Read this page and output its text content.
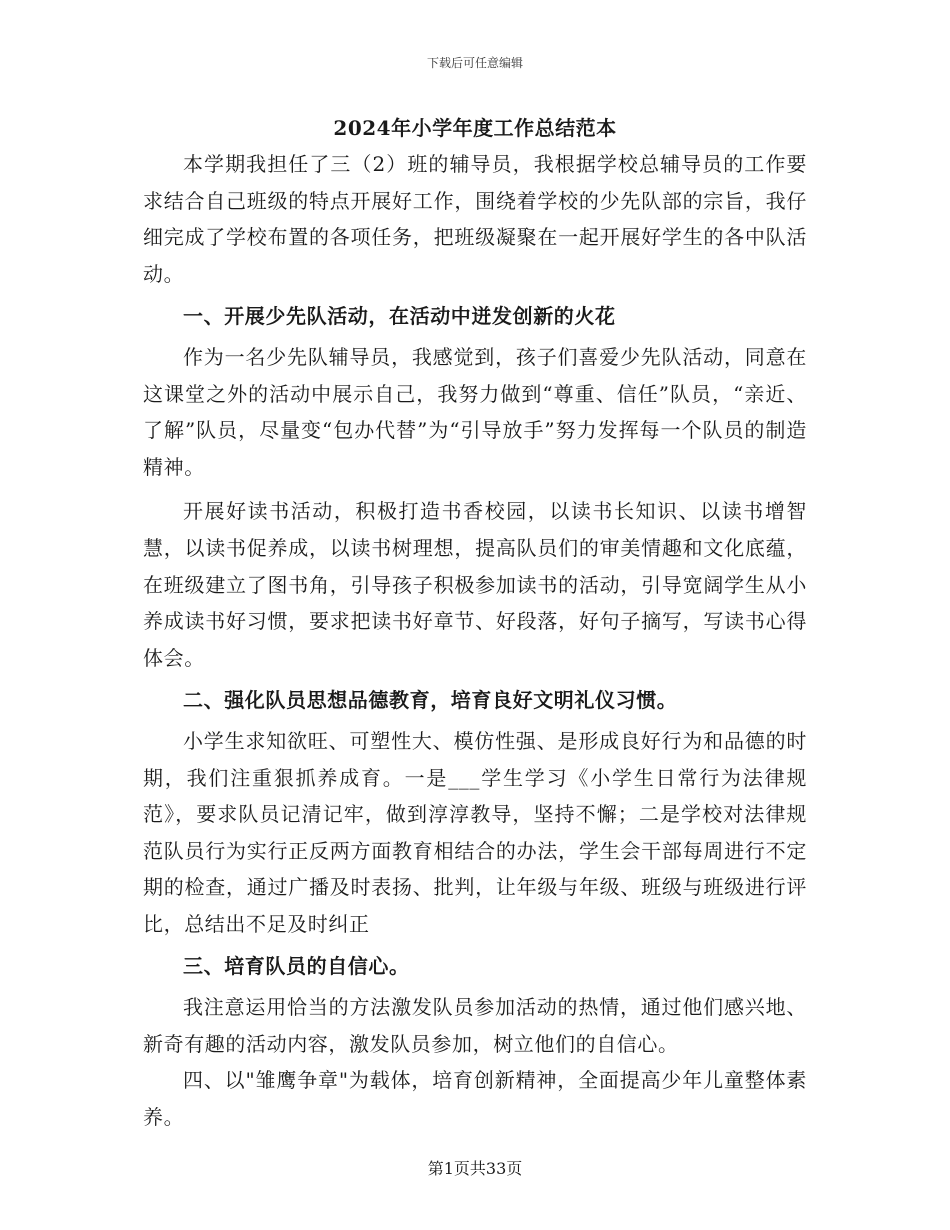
下载后可任意编辑
2024年小学年度工作总结范本

本学期我担任了三（2）班的辅导员，我根据学校总辅导员的工作要求结合自己班级的特点开展好工作，围绕着学校的少先队部的宗旨，我仔细完成了学校布置的各项任务，把班级凝聚在一起开展好学生的各中队活动。

一、开展少先队活动，在活动中迸发创新的火花

作为一名少先队辅导员，我感觉到，孩子们喜爱少先队活动，同意在这课堂之外的活动中展示自己，我努力做到“尊重、信任”队员，“亲近、了解”队员，尽量变“包办代替”为“引导放手”努力发挥每一个队员的制造精神。

开展好读书活动，积极打造书香校园，以读书长知识、以读书增智慧，以读书促养成，以读书树理想，提高队员们的审美情趣和文化底蕴，在班级建立了图书角，引导孩子积极参加读书的活动，引导宽阔学生从小养成读书好习惯，要求把读书好章节、好段落，好句子摘写，写读书心得体会。

二、强化队员思想品德教育，培育良好文明礼仪习惯。

小学生求知欲旺、可塑性大、模仿性强、是形成良好行为和品德的时期，我们注重狠抓养成育。一是___学生学习《小学生日常行为法律规范》，要求队员记清记牢，做到淳淳教导，坚持不懈；二是学校对法律规范队员行为实行正反两方面教育相结合的办法，学生会干部每周进行不定期的检查，通过广播及时表扬、批判，让年级与年级、班级与班级进行评比，总结出不足及时纠正

三、培育队员的自信心。

我注意运用恰当的方法激发队员参加活动的热情，通过他们感兴地、新奇有趣的活动内容，激发队员参加，树立他们的自信心。

四、以"雏鹰争章"为载体，培育创新精神，全面提高少年儿童整体素养。

第1页共33页
